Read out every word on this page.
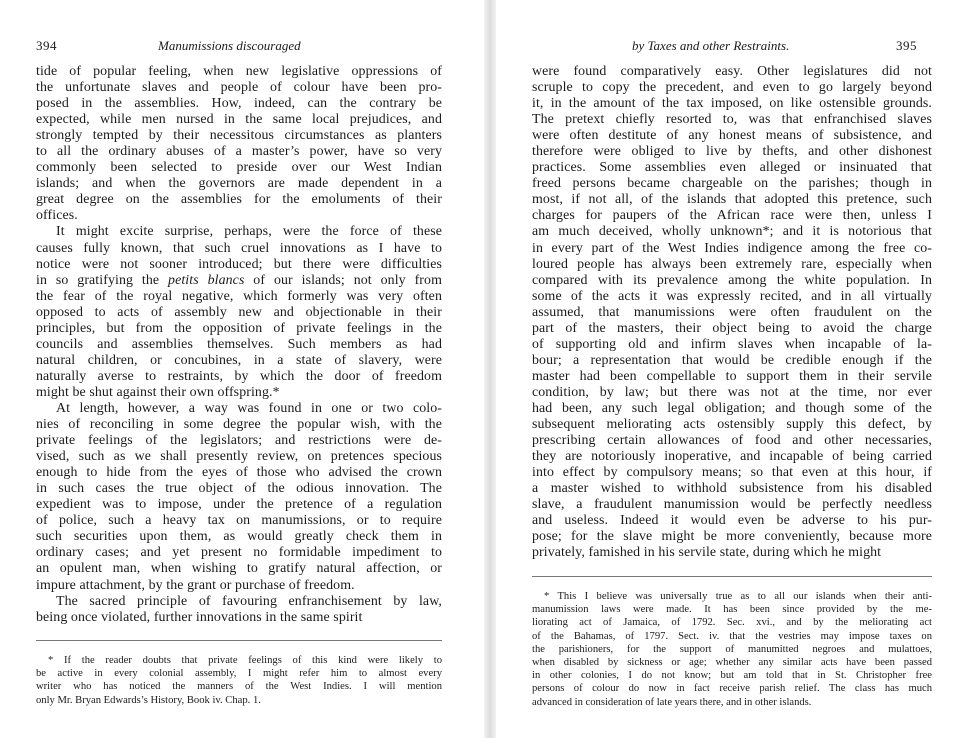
394	Manumissions discouraged
tide of popular feeling, when new legislative oppressions of
the unfortunate slaves and people of colour have been pro-
posed in the assemblies. How, indeed, can the contrary be
expected, while men nursed in the same local prejudices, and
strongly tempted by their necessitous circumstances as planters
to all the ordinary abuses of a master’s power, have so very
commonly been selected to preside over our West Indian
islands; and when the governors are made dependent in a
great degree on the assemblies for the emoluments of their
offices.
It might excite surprise, perhaps, were the force of these
causes fully known, that such cruel innovations as I have to
notice were not sooner introduced; but there were difficulties
in so gratifying the petits blancs of our islands; not only from
the fear of the royal negative, which formerly was very often
opposed to acts of assembly new and objectionable in their
principles, but from the opposition of private feelings in the
councils and assemblies themselves. Such members as had
natural children, or concubines, in a state of slavery, were
naturally averse to restraints, by which the door of freedom
might be shut against their own offspring.*
At length, however, a way was found in one or two colo-
nies of reconciling in some degree the popular wish, with the
private feelings of the legislators; and restrictions were de-
vised, such as we shall presently review, on pretences specious
enough to hide from the eyes of those who advised the crown
in such cases the true object of the odious innovation. The
expedient was to impose, under the pretence of a regulation
of police, such a heavy tax on manumissions, or to require
such securities upon them, as would greatly check them in
ordinary cases; and yet present no formidable impediment to
an opulent man, when wishing to gratify natural affection, or
impure attachment, by the grant or purchase of freedom.
The sacred principle of favouring enfranchisement by law,
being once violated, further innovations in the same spirit
* If the reader doubts that private feelings of this kind were likely to
be active in every colonial assembly, I might refer him to almost every
writer who has noticed the manners of the West Indies. I will mention
only Mr. Bryan Edwards’s History, Book iv. Chap. 1.
by Taxes and other Restraints.	395
were found comparatively easy. Other legislatures did not
scruple to copy the precedent, and even to go largely beyond
it, in the amount of the tax imposed, on like ostensible grounds.
The pretext chiefly resorted to, was that enfranchised slaves
were often destitute of any honest means of subsistence, and
therefore were obliged to live by thefts, and other dishonest
practices. Some assemblies even alleged or insinuated that
freed persons became chargeable on the parishes; though in
most, if not all, of the islands that adopted this pretence, such
charges for paupers of the African race were then, unless I
am much deceived, wholly unknown*; and it is notorious that
in every part of the West Indies indigence among the free co-
loured people has always been extremely rare, especially when
compared with its prevalence among the white population. In
some of the acts it was expressly recited, and in all virtually
assumed, that manumissions were often fraudulent on the
part of the masters, their object being to avoid the charge
of supporting old and infirm slaves when incapable of la-
bour; a representation that would be credible enough if the
master had been compellable to support them in their servile
condition, by law; but there was not at the time, nor ever
had been, any such legal obligation; and though some of the
subsequent meliorating acts ostensibly supply this defect, by
prescribing certain allowances of food and other necessaries,
they are notoriously inoperative, and incapable of being carried
into effect by compulsory means; so that even at this hour, if
a master wished to withhold subsistence from his disabled
slave, a fraudulent manumission would be perfectly needless
and useless. Indeed it would even be adverse to his pur-
pose; for the slave might be more conveniently, because more
privately, famished in his servile state, during which he might
* This I believe was universally true as to all our islands when their anti-
manumission laws were made. It has been since provided by the me-
liorating act of Jamaica, of 1792. Sec. xvi., and by the meliorating act
of the Bahamas, of 1797. Sect. iv. that the vestries may impose taxes on
the parishioners, for the support of manumitted negroes and mulattoes,
when disabled by sickness or age; whether any similar acts have been passed
in other colonies, I do not know; but am told that in St. Christopher free
persons of colour do now in fact receive parish relief. The class has much
advanced in consideration of late years there, and in other islands.
